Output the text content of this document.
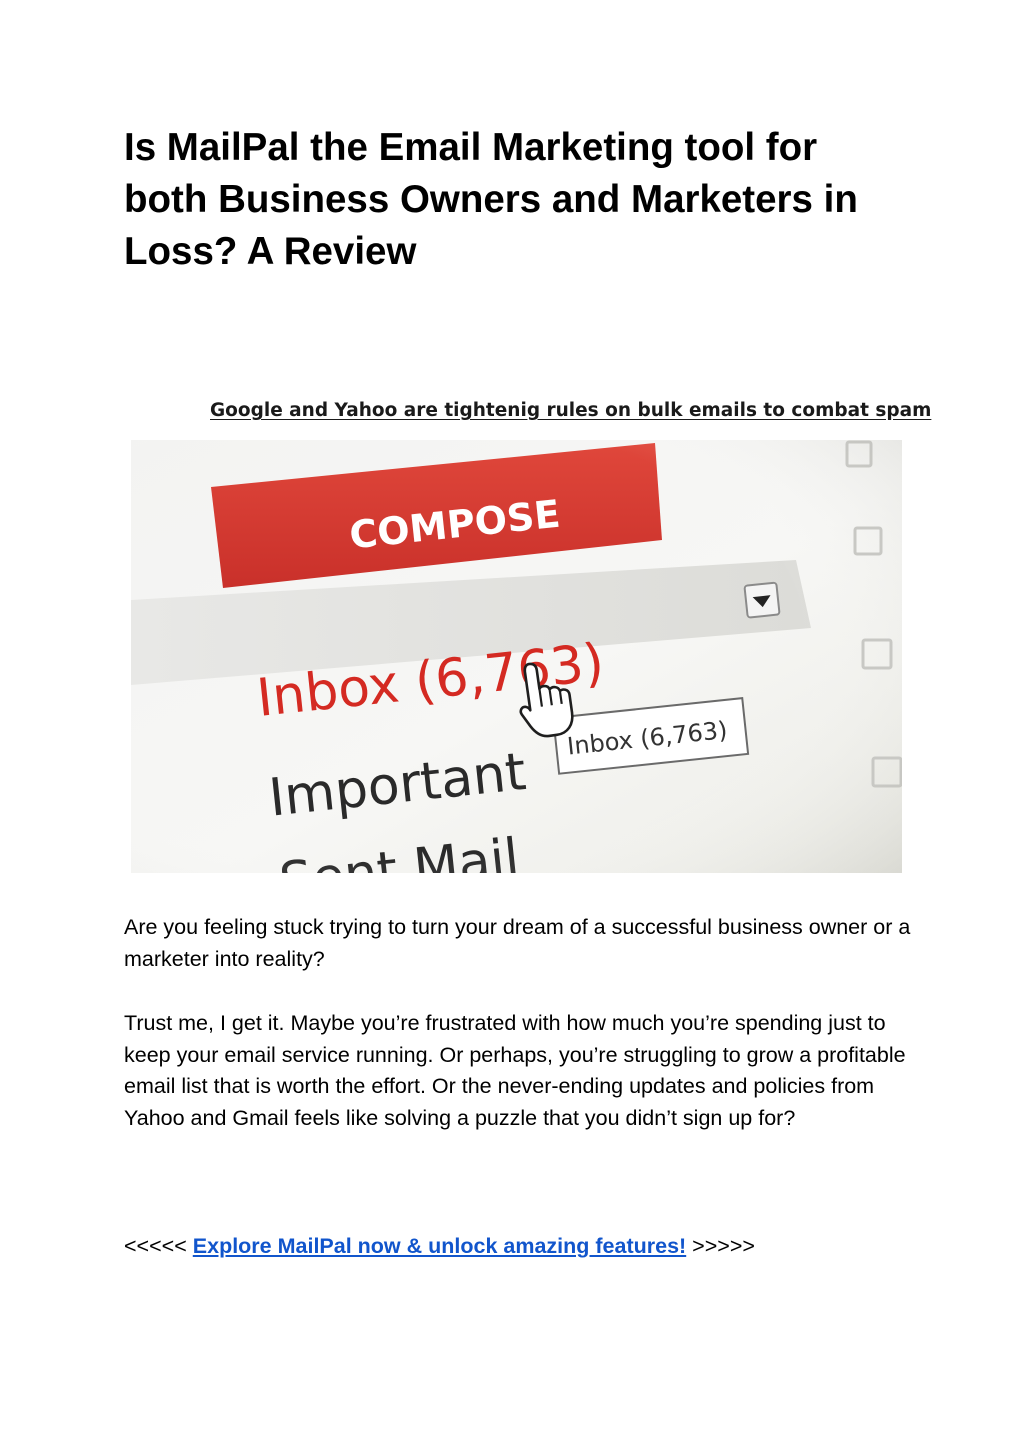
Is MailPal the Email Marketing tool for both Business Owners and Marketers in Loss? A Review

Google and Yahoo are tightenig rules on bulk emails to combat spam

Are you feeling stuck trying to turn your dream of a successful business owner or a marketer into reality?

Trust me, I get it. Maybe you’re frustrated with how much you’re spending just to keep your email service running. Or perhaps, you’re struggling to grow a profitable email list that is worth the effort. Or the never-ending updates and policies from Yahoo and Gmail feels like solving a puzzle that you didn’t sign up for?

<<<<< Explore MailPal now & unlock amazing features! >>>>>
